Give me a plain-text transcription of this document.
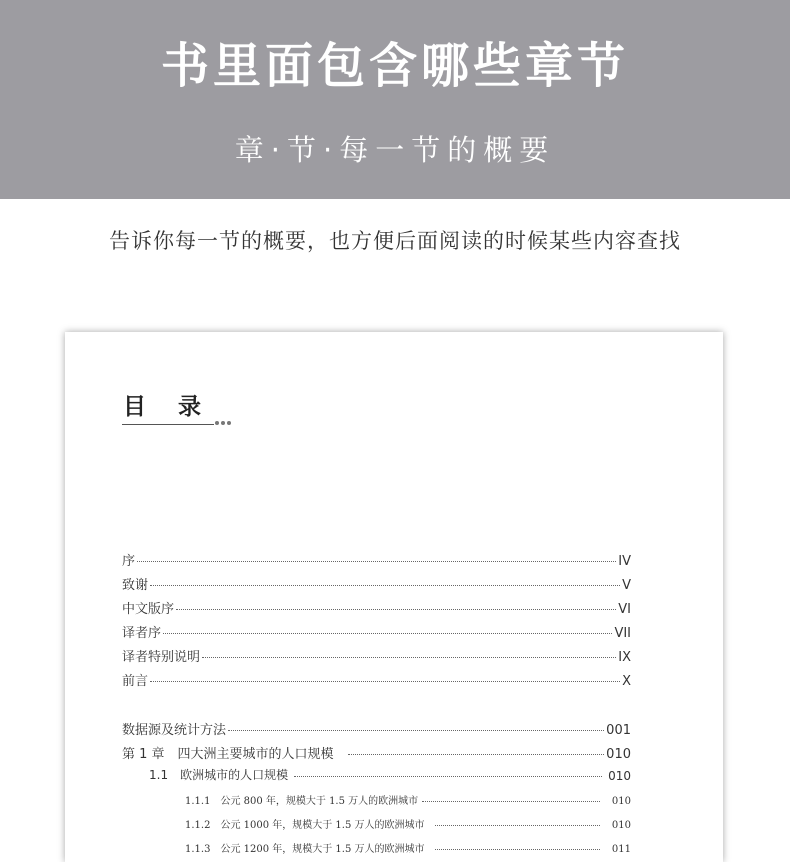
书里面包含哪些章节
章·节·每一节的概要
告诉你每一节的概要，也方便后面阅读的时候某些内容查找
目 录
序	IV
致谢	V
中文版序	VI
译者序	VII
译者特别说明	IX
前言	X
数据源及统计方法	001
第 1 章　四大洲主要城市的人口规模	010
1.1　欧洲城市的人口规模	010
1.1.1　公元 800 年，规模大于 1.5 万人的欧洲城市	010
1.1.2　公元 1000 年，规模大于 1.5 万人的欧洲城市	010
1.1.3　公元 1200 年，规模大于 1.5 万人的欧洲城市	011
